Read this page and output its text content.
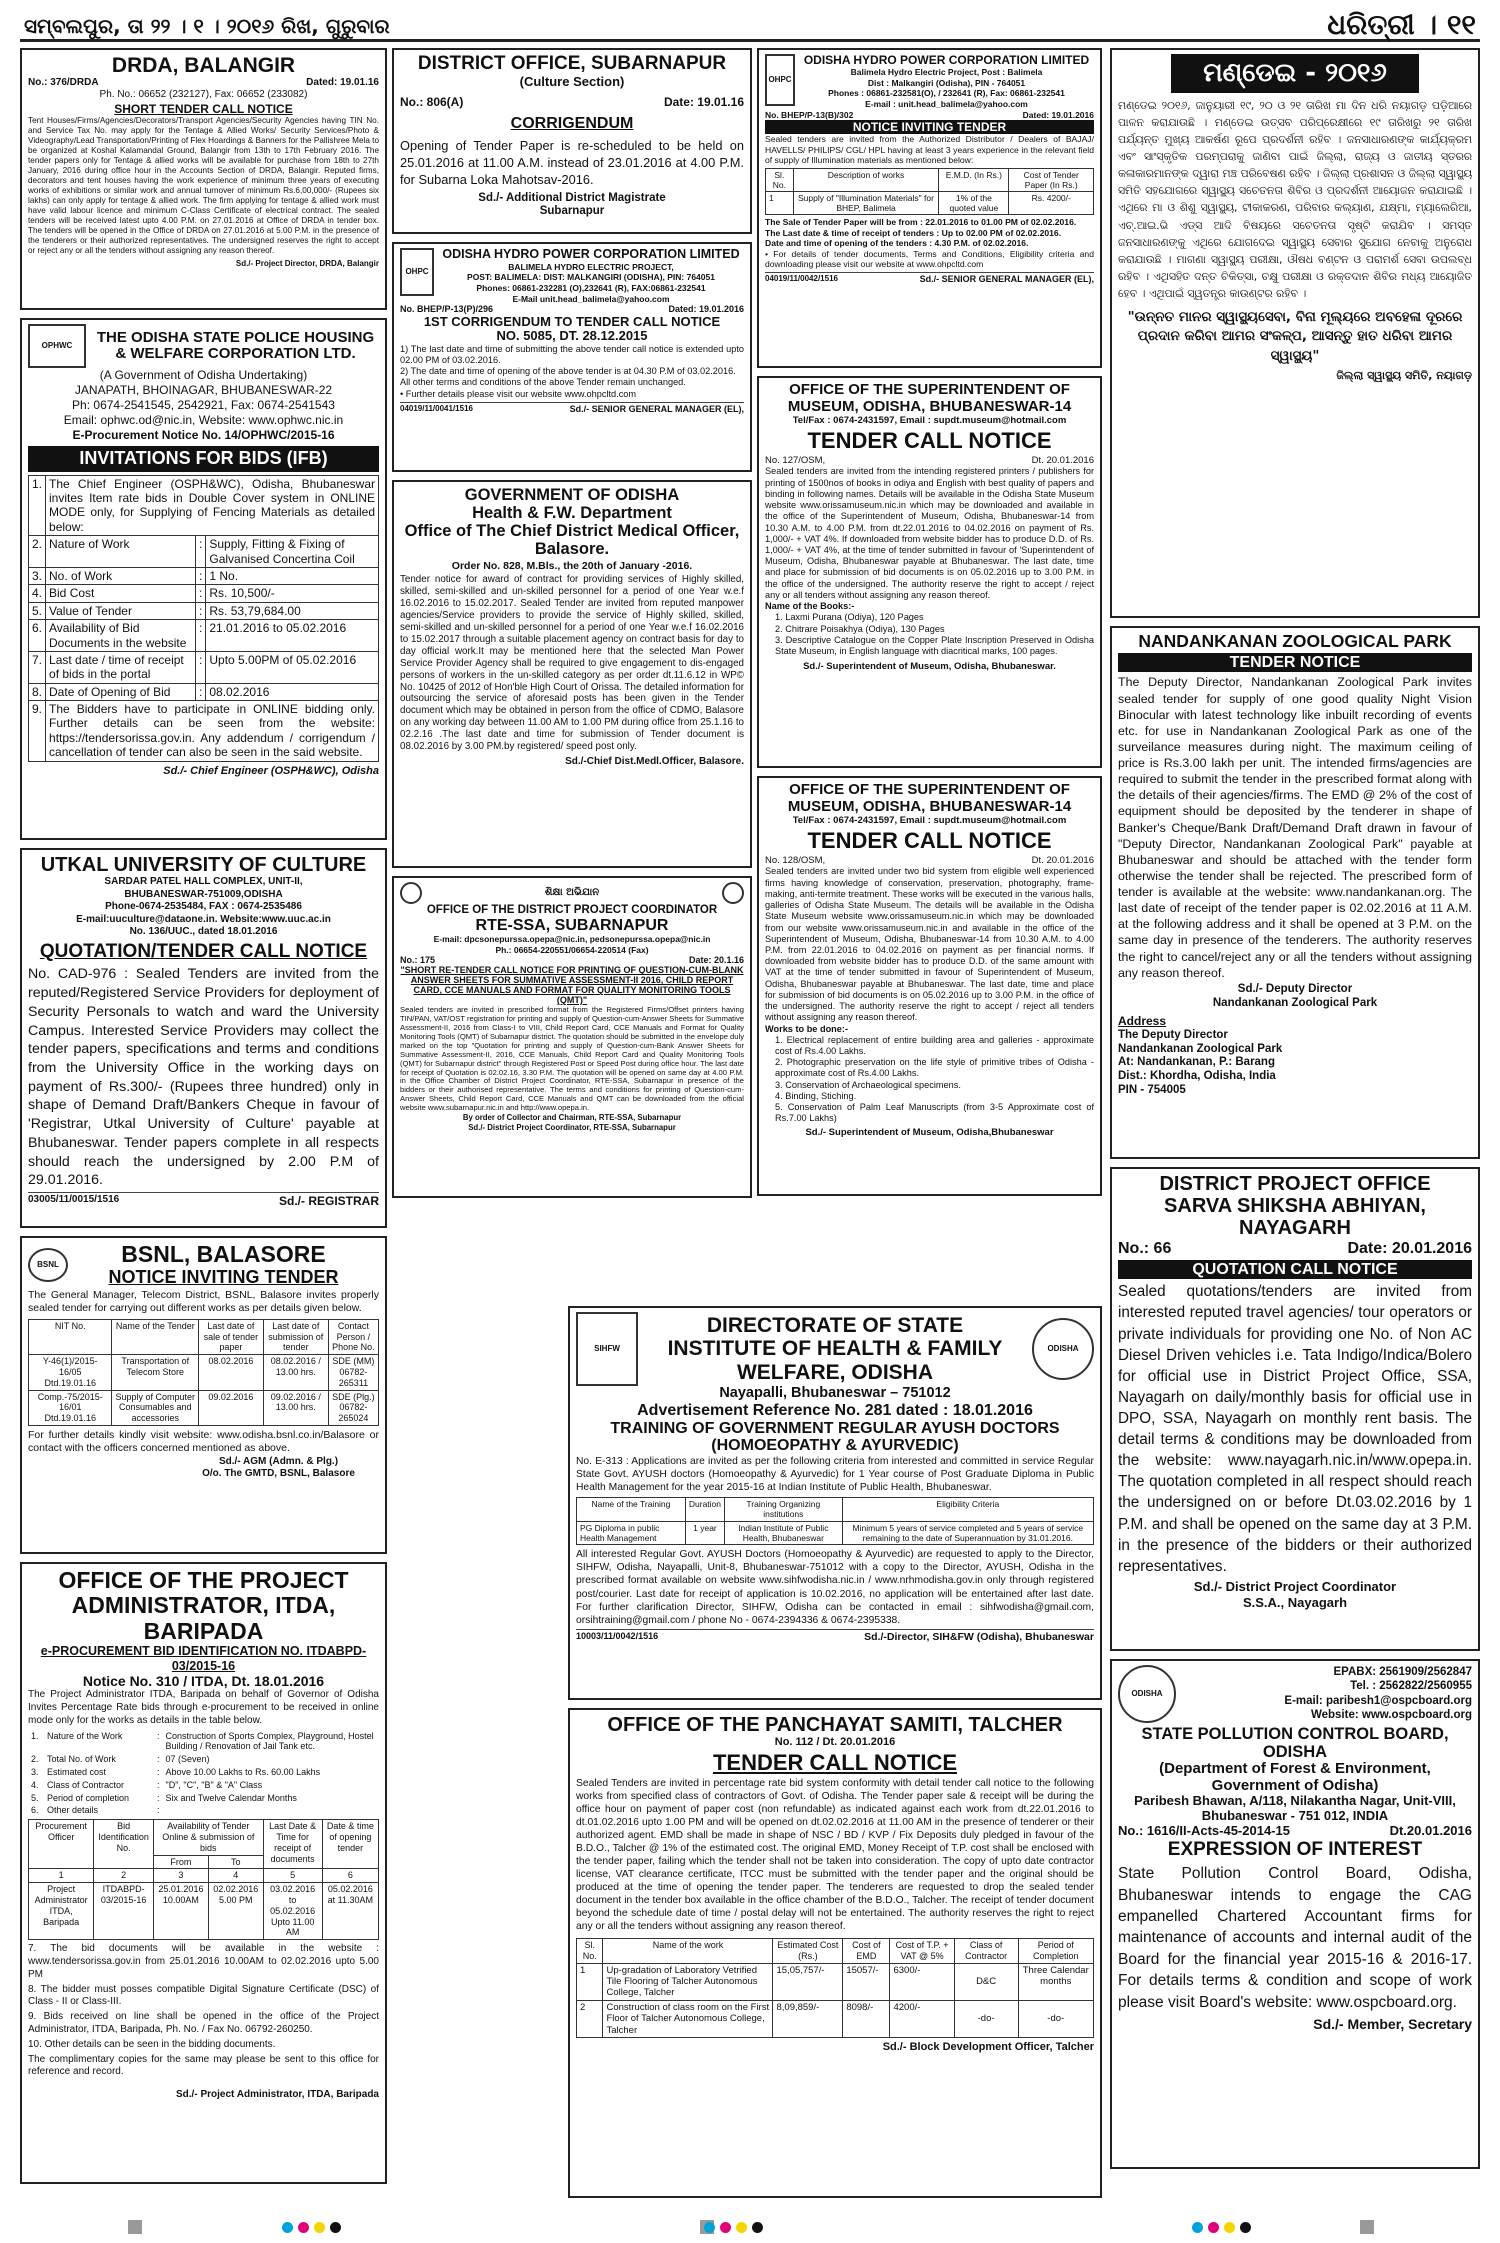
ସମ୍ବଲପୁର, ତା ୨୨ । ୧ । ୨୦୧୬ ରିଖ, ଗୁରୁବାର	ଧରିତ୍ରୀ । ୧୧
DRDA, BALANGIR
No.: 376/DRDA	Dated: 19.01.16
Ph. No.: 06652 (232127), Fax: 06652 (233082)
SHORT TENDER CALL NOTICE
Tent Houses/Firms/Agencies/Decorators/Transport Agencies/Security Agencies having TIN No. and Service Tax No. may apply for the Tentage & Allied Works/ Security Services/Photo & Videography/Lead Transportation/Printing of Flex Hoardings & Banners for the Pallishree Mela to be organized at Koshal Kalamandal Ground, Balangir from 13th to 17th February 2016. The tender papers only for Tentage & allied works will be available for purchase from 18th to 27th January, 2016 during office hour in the Accounts Section of DRDA, Balangir. Reputed firms, decorators and tent houses having the work experience of minimum three years of executing works of exhibitions or similar work and annual turnover of minimum Rs.6,00,000/- (Rupees six lakhs) can only apply for tentage & allied work. The firm applying for tentage & allied work must have valid labour licence and minimum C-Class Certificate of electrical contract. The sealed tenders will be received latest upto 4.00 P.M. on 27.01.2016 at Office of DRDA in tender box. The tenders will be opened in the Office of DRDA on 27.01.2016 at 5.00 P.M. in the presence of the tenderers or their authorized representatives. The undersigned reserves the right to accept or reject any or all the tenders without assigning any reason thereof.
Sd./- Project Director, DRDA, Balangir
OPHWC	THE ODISHA STATE POLICE HOUSING
& WELFARE CORPORATION LTD.
(A Government of Odisha Undertaking)
JANAPATH, BHOINAGAR, BHUBANESWAR-22
Ph: 0674-2541545, 2542921, Fax: 0674-2541543
Email: ophwc.od@nic.in, Website: www.ophwc.nic.in
E-Procurement Notice No. 14/OPHWC/2015-16
INVITATIONS FOR BIDS (IFB)
1.	The Chief Engineer (OSPH&WC), Odisha, Bhubaneswar invites Item rate bids in Double Cover system in ONLINE MODE only, for Supplying of Fencing Materials as detailed below:		
2.	Nature of Work	:	Supply, Fitting & Fixing of Galvanised Concertina Coil
3.	No. of Work	:	1 No.
4.	Bid Cost	:	Rs. 10,500/-
5.	Value of Tender	:	Rs. 53,79,684.00
6.	Availability of Bid Documents in the website	:	21.01.2016 to 05.02.2016
7.	Last date / time of receipt of bids in the portal	:	Upto 5.00PM of 05.02.2016
8.	Date of Opening of Bid	:	08.02.2016
9.	The Bidders have to participate in ONLINE bidding only. Further details can be seen from the website: https://tendersorissa.gov.in. Any addendum / corrigendum / cancellation of tender can also be seen in the said website.		
Sd./- Chief Engineer (OSPH&WC), Odisha
UTKAL UNIVERSITY OF CULTURE
SARDAR PATEL HALL COMPLEX, UNIT-II,
BHUBANESWAR-751009,ODISHA
Phone-0674-2535484, FAX : 0674-2535486
E-mail:uuculture@dataone.in. Website:www.uuc.ac.in
No. 136/UUC., dated 18.01.2016
QUOTATION/TENDER CALL NOTICE
No. CAD-976 : Sealed Tenders are invited from the reputed/Registered Service Providers for deployment of Security Personals to watch and ward the University Campus. Interested Service Providers may collect the tender papers, specifications and terms and conditions from the University Office in the working days on payment of Rs.300/- (Rupees three hundred) only in shape of Demand Draft/Bankers Cheque in favour of 'Registrar, Utkal University of Culture' payable at Bhubaneswar. Tender papers complete in all respects should reach the undersigned by 2.00 P.M of 29.01.2016.
03005/11/0015/1516	Sd./- REGISTRAR
BSNL	BSNL, BALASORE
NOTICE INVITING TENDER
The General Manager, Telecom District, BSNL, Balasore invites properly sealed tender for carrying out different works as per details given below.
NIT No.	Name of the Tender	Last date of sale of tender paper	Last date of submission of tender	Contact Person / Phone No.
Y-46(1)/2015-16/05 Dtd.19.01.16	Transportation of Telecom Store	08.02.2016	08.02.2016 / 13.00 hrs.	SDE (MM) 06782-265311
Comp.-75/2015-16/01 Dtd.19.01.16	Supply of Computer Consumables and accessories	09.02.2016	09.02.2016 / 13.00 hrs.	SDE (Plg.) 06782-265024
For further details kindly visit website: www.odisha.bsnl.co.in/Balasore or contact with the officers concerned mentioned as above.
Sd./- AGM (Admn. & Plg.)
O/o. The GMTD, BSNL, Balasore
OFFICE OF THE PROJECT
ADMINISTRATOR, ITDA, BARIPADA
e-PROCUREMENT BID IDENTIFICATION NO. ITDABPD-03/2015-16
Notice No. 310 / ITDA, Dt. 18.01.2016
The Project Administrator ITDA, Baripada on behalf of Governor of Odisha Invites Percentage Rate bids through e-procurement to be received in online mode only for the works as details in the table below.
1.	Nature of the Work	:	Construction of Sports Complex, Playground, Hostel Building / Renovation of Jail Tank etc.
2.	Total No. of Work	:	07 (Seven)
3.	Estimated cost	:	Above 10.00 Lakhs to Rs. 60.00 Lakhs
4.	Class of Contractor	:	"D", "C", "B" & "A" Class
5.	Period of completion	:	Six and Twelve Calendar Months
6.	Other details	:	
Procurement Officer	Bid Identification No.	Availability of Tender Online & submission of bids		Last Date & Time for receipt of documents	Date & time of opening tender
		From	To		
1	2	3	4	5	6
Project Administrator ITDA, Baripada	ITDABPD-03/2015-16	25.01.2016 10.00AM	02.02.2016 5.00 PM	03.02.2016 to 05.02.2016 Upto 11.00 AM	05.02.2016 at 11.30AM
7. The bid documents will be available in the website : www.tendersorissa.gov.in from 25.01.2016 10.00AM to 02.02.2016 upto 5.00 PM
8. The bidder must posses compatible Digital Signature Certificate (DSC) of Class - II or Class-III.
9. Bids received on line shall be opened in the office of the Project Administrator, ITDA, Baripada, Ph. No. / Fax No. 06792-260250.
10. Other details can be seen in the bidding documents.
The complimentary copies for the same may please be sent to this office for reference and record.
Sd./- Project Administrator, ITDA, Baripada
DISTRICT OFFICE, SUBARNAPUR
(Culture Section)
No.: 806(A)	Date: 19.01.16
CORRIGENDUM
Opening of Tender Paper is re-scheduled to be held on 25.01.2016 at 11.00 A.M. instead of 23.01.2016 at 4.00 P.M. for Subarna Loka Mahotsav-2016.
Sd./- Additional District Magistrate
Subarnapur
OHPC
ODISHA HYDRO POWER CORPORATION LIMITED
BALIMELA HYDRO ELECTRIC PROJECT,
POST: BALIMELA: DIST: MALKANGIRI (ODISHA), PIN: 764051
Phones: 06861-232281 (O),232641 (R), FAX:06861-232541
E-Mail unit.head_balimela@yahoo.com
No. BHEP/P-13(P)/296	Dated: 19.01.2016
1ST CORRIGENDUM TO TENDER CALL NOTICE
NO. 5085, DT. 28.12.2015
1) The last date and time of submitting the above tender call notice is extended upto 02.00 PM of 03.02.2016.
2) The date and time of opening of the above tender is at 04.30 P.M of 03.02.2016.
All other terms and conditions of the above Tender remain unchanged.
• Further details please visit our website www.ohpcltd.com
04019/11/0041/1516	Sd./- SENIOR GENERAL MANAGER (EL),
GOVERNMENT OF ODISHA
Health & F.W. Department
Office of The Chief District Medical Officer, Balasore.
Order No. 828, M.Bls., the 20th of January -2016.
Tender notice for award of contract for providing services of Highly skilled, skilled, semi-skilled and un-skilled personnel for a period of one Year w.e.f 16.02.2016 to 15.02.2017. Sealed Tender are invited from reputed manpower agencies/Service providers to provide the service of Highly skilled, skilled, semi-skilled and un-skilled personnel for a period of one Year w.e.f 16.02.2016 to 15.02.2017 through a suitable placement agency on contract basis for day to day official work.It may be mentioned here that the selected Man Power Service Provider Agency shall be required to give engagement to dis-engaged persons of workers in the un-skilled category as per order dt.11.6.12 in WP© No. 10425 of 2012 of Hon'ble High Court of Orissa. The detailed information for outsourcing the service of aforesaid posts has been given in the Tender document which may be obtained in person from the office of CDMO, Balasore on any working day between 11.00 AM to 1.00 PM during office from 25.1.16 to 02.2.16 .The last date and time for submission of Tender document is 08.02.2016 by 3.00 PM.by registered/ speed post only.
Sd./-Chief Dist.Medl.Officer, Balasore.
ଶିକ୍ଷା ଅଭିଯାନ
OFFICE OF THE DISTRICT PROJECT COORDINATOR
RTE-SSA, SUBARNAPUR
E-mail: dpcsonepurssa.opepa@nic.in, pedsonepurssa.opepa@nic.in
Ph.: 06654-220551/06654-220514 (Fax)
No.: 175	Date: 20.1.16
"SHORT RE-TENDER CALL NOTICE FOR PRINTING OF QUESTION-CUM-BLANK ANSWER SHEETS FOR SUMMATIVE ASSESSMENT-II 2016, CHILD REPORT CARD, CCE MANUALS AND FORMAT FOR QUALITY MONITORING TOOLS (QMT)"
Sealed tenders are invited in prescribed format from the Registered Firms/Offset printers having TIN/PAN, VAT/OST registration for printing and supply of Question-cum-Answer Sheets for Summative Assessment-II, 2016 from Class-I to VIII, Child Report Card, CCE Manuals and Format for Quality Monitoring Tools (QMT) of Subarnapur district. The quotation should be submitted in the envelope duly marked on the top "Quotation for printing and supply of Question-cum-Bank Answer Sheets for Summative Assessment-II, 2016, CCE Manuals, Child Report Card and Quality Monitoring Tools (QMT) for Subarnapur district" through Registered Post or Speed Post during office hour. The last date for receipt of Quotation is 02.02.16, 3.30 P.M. The quotation will be opened on same day at 4.00 P.M. in the Office Chamber of District Project Coordinator, RTE-SSA, Subarnapur in presence of the bidders or their authorised representative. The terms and conditions for printing of Question-cum-Answer Sheets, Child Report Card, CCE Manuals and QMT can be downloaded from the official website www.subarnapur.nic.in and http://www.opepa.in.
By order of Collector and Chairman, RTE-SSA, Subarnapur
Sd./- District Project Coordinator, RTE-SSA, Subarnapur
OHPC
ODISHA HYDRO POWER CORPORATION LIMITED
Balimela Hydro Electric Project, Post : Balimela
Dist : Malkangiri (Odisha), PIN - 764051
Phones : 06861-232581(O), / 232641 (R), Fax: 06861-232541
E-mail : unit.head_balimela@yahoo.com
No. BHEP/P-13(B)/302	Dated: 19.01.2016
NOTICE INVITING TENDER
Sealed tenders are invited from the Authorized Distributor / Dealers of BAJAJ/ HAVELLS/ PHILIPS/ CGL/ HPL having at least 3 years experience in the relevant field of supply of Illumination materials as mentioned below:
Sl. No.	Description of works	E.M.D. (In Rs.)	Cost of Tender Paper (In Rs.)
1	Supply of "Illumination Materials" for BHEP, Balimela	1% of the quoted value	Rs. 4200/-
The Sale of Tender Paper will be from : 22.01.2016 to 01.00 PM of 02.02.2016.
The Last date & time of receipt of tenders : Up to 02.00 PM of 02.02.2016.
Date and time of opening of the tenders : 4.30 P.M. of 02.02.2016.
• For details of tender documents, Terms and Conditions, Eligibility criteria and downloading please visit our website at www.ohpcltd.com
04019/11/0042/1516	Sd./- SENIOR GENERAL MANAGER (EL),
OFFICE OF THE SUPERINTENDENT OF
MUSEUM, ODISHA, BHUBANESWAR-14
Tel/Fax : 0674-2431597, Email : supdt.museum@hotmail.com
TENDER CALL NOTICE
No. 127/OSM,	Dt. 20.01.2016
Sealed tenders are invited from the intending registered printers / publishers for printing of 1500nos of books in odiya and English with best quality of papers and binding in following names. Details will be available in the Odisha State Museum website www.orissamuseum.nic.in which may be downloaded and available in the office of the Superintendent of Museum, Odisha, Bhubaneswar-14 from 10.30 A.M. to 4.00 P.M. from dt.22.01.2016 to 04.02.2016 on payment of Rs. 1,000/- + VAT 4%. If downloaded from website bidder has to produce D.D. of Rs. 1,000/- + VAT 4%, at the time of tender submitted in favour of 'Superintendent of Museum, Odisha, Bhubaneswar payable at Bhubaneswar. The last date, time and place for submission of bid documents is on 05.02.2016 up to 3.00 P.M. in the office of the undersigned. The authority reserve the right to accept / reject any or all tenders without assigning any reason thereof.
Name of the Books:-
1. Laxmi Purana (Odiya), 120 Pages
2. Chitrare Poisakhya (Odiya), 130 Pages
3. Descriptive Catalogue on the Copper Plate Inscription Preserved in Odisha State Museum, in English language with diacritical marks, 100 pages.
Sd./- Superintendent of Museum, Odisha, Bhubaneswar.
OFFICE OF THE SUPERINTENDENT OF
MUSEUM, ODISHA, BHUBANESWAR-14
Tel/Fax : 0674-2431597, Email : supdt.museum@hotmail.com
TENDER CALL NOTICE
No. 128/OSM,	Dt. 20.01.2016
Sealed tenders are invited under two bid system from eligible well experienced firms having knowledge of conservation, preservation, photography, frame-making, anti-termite treatment. These works will be executed in the various halls, galleries of Odisha State Museum. The details will be available in the Odisha State Museum website www.orissamuseum.nic.in which may be downloaded from our website www.orissamuseum.nic.in and available in the office of the Superintendent of Museum, Odisha, Bhubaneswar-14 from 10.30 A.M. to 4.00 P.M. from 22.01.2016 to 04.02.2016 on payment as per financial norms. If downloaded from website bidder has to produce D.D. of the same amount with VAT at the time of tender submitted in favour of Superintendent of Museum, Odisha, Bhubaneswar payable at Bhubaneswar. The last date, time and place for submission of bid documents is on 05.02.2016 up to 3.00 P.M. in the office of the undersigned. The authority reserve the right to accept / reject all tenders without assigning any reason thereof.
Works to be done:-
1. Electrical replacement of entire building area and galleries - approximate cost of Rs.4.00 Lakhs.
2. Photographic preservation on the life style of primitive tribes of Odisha - approximate cost of Rs.4.00 Lakhs.
3. Conservation of Archaeological specimens.
4. Binding, Stiching.
5. Conservation of Palm Leaf Manuscripts (from 3-5 Approximate cost of Rs.7.00 Lakhs)
Sd./- Superintendent of Museum, Odisha,Bhubaneswar
ମଣ୍ଡେଇ - ୨୦୧୬
ମଣ୍ଡେଇ ୨୦୧୬, ଜାନୁୟାରୀ ୧୯, ୨୦ ଓ ୨୧ ତାରିଖ ମା ଦିନ ଧରି ନୟାଗଡ଼ ପଡ଼ିଆରେ ପାଳନ କରାଯାଉଛି । ମଣ୍ଡେଇ ଉତ୍ସବ ପରିପ୍ରେକ୍ଷୀରେ ୧୯ ତାରିଖରୁ ୨୧ ତାରିଖ ପର୍ଯ୍ୟନ୍ତ ମୁଖ୍ୟ ଆକର୍ଷଣ ରୂପେ ପ୍ରଦର୍ଶନୀ ରହିବ । ଜନସାଧାରଣଙ୍କ କାର୍ଯ୍ୟକ୍ରମ ଏବଂ ସାଂସ୍କୃତିକ ପରମ୍ପରାକୁ ଜାଣିବା ପାଇଁ ଜିଲ୍ଲା, ରାଜ୍ୟ ଓ ଜାତୀୟ ସ୍ତରର କଳାକାରମାନଙ୍କ ଦ୍ୱାରା ମଞ୍ଚ ପରିବେଷଣ ରହିବ । ଜିଲ୍ଲା ପ୍ରଶାସନ ଓ ଜିଲ୍ଲା ସ୍ୱାସ୍ଥ୍ୟ ସମିତି ସହଯୋଗରେ ସ୍ୱାସ୍ଥ୍ୟ ସଚେତନତା ଶିବିର ଓ ପ୍ରଦର୍ଶନୀ ଆୟୋଜନ କରାଯାଇଛି । ଏଥିରେ ମା ଓ ଶିଶୁ ସ୍ୱାସ୍ଥ୍ୟ, ଟୀକାକରଣ, ପରିବାର କଲ୍ୟାଣ, ଯକ୍ଷ୍ମା, ମ୍ୟାଲେରିଆ, ଏଚ୍.ଆଇ.ଭି ଏଡ୍ସ ଆଦି ବିଷୟରେ ସଚେତନତା ସୃଷ୍ଟି କରାଯିବ । ସମସ୍ତ ଜନସାଧାରଣଙ୍କୁ ଏଥିରେ ଯୋଗଦେଇ ସ୍ୱାସ୍ଥ୍ୟ ସେବାର ସୁଯୋଗ ନେବାକୁ ଅନୁରୋଧ କରାଯାଉଛି । ମାଗଣା ସ୍ୱାସ୍ଥ୍ୟ ପରୀକ୍ଷା, ଔଷଧ ବଣ୍ଟନ ଓ ପରାମର୍ଶ ସେବା ଉପଲବ୍ଧ ରହିବ । ଏଥିସହିତ ଦନ୍ତ ଚିକିତ୍ସା, ଚକ୍ଷୁ ପରୀକ୍ଷା ଓ ରକ୍ତଦାନ ଶିବିର ମଧ୍ୟ ଆୟୋଜିତ ହେବ । ଏଥିପାଇଁ ସ୍ୱତନ୍ତ୍ର କାଉଣ୍ଟର ରହିବ ।
"ଉନ୍ନତ ମାନର ସ୍ୱାସ୍ଥ୍ୟସେବା, ବିନା ମୂଲ୍ୟରେ ଅବହେଳା ଦୂରରେ ପ୍ରଦାନ କରିବା ଆମର ସଂକଳ୍ପ, ଆସନ୍ତୁ ହାତ ଧରିବା ଆମର ସ୍ୱାସ୍ଥ୍ୟ"
ଜିଲ୍ଲା ସ୍ୱାସ୍ଥ୍ୟ ସମିତି, ନୟାଗଡ଼
NANDANKANAN ZOOLOGICAL PARK
TENDER NOTICE
The Deputy Director, Nandankanan Zoological Park invites sealed tender for supply of one good quality Night Vision Binocular with latest technology like inbuilt recording of events etc. for use in Nandankanan Zoological Park as one of the surveilance measures during night. The maximum ceiling of price is Rs.3.00 lakh per unit. The intended firms/agencies are required to submit the tender in the prescribed format along with the details of their agencies/firms. The EMD @ 2% of the cost of equipment should be deposited by the tenderer in shape of Banker's Cheque/Bank Draft/Demand Draft drawn in favour of "Deputy Director, Nandankanan Zoological Park" payable at Bhubaneswar and should be attached with the tender form otherwise the tender shall be rejected. The prescribed form of tender is available at the website: www.nandankanan.org. The last date of receipt of the tender paper is 02.02.2016 at 11 A.M. at the following address and it shall be opened at 3 P.M. on the same day in presence of the tenderers. The authority reserves the right to cancel/reject any or all the tenders without assigning any reason thereof.
Sd./- Deputy Director
Nandankanan Zoological Park
Address
The Deputy Director
Nandankanan Zoological Park
At: Nandankanan, P.: Barang
Dist.: Khordha, Odisha, India
PIN - 754005
DISTRICT PROJECT OFFICE
SARVA SHIKSHA ABHIYAN, NAYAGARH
No.: 66	Date: 20.01.2016
QUOTATION CALL NOTICE
Sealed quotations/tenders are invited from interested reputed travel agencies/ tour operators or private individuals for providing one No. of Non AC Diesel Driven vehicles i.e. Tata Indigo/Indica/Bolero for official use in District Project Office, SSA, Nayagarh on daily/monthly basis for official use in DPO, SSA, Nayagarh on monthly rent basis. The detail terms & conditions may be downloaded from the website: www.nayagarh.nic.in/www.opepa.in. The quotation completed in all respect should reach the undersigned on or before Dt.03.02.2016 by 1 P.M. and shall be opened on the same day at 3 P.M. in the presence of the bidders or their authorized representatives.
Sd./- District Project Coordinator
S.S.A., Nayagarh
ODISHA
EPABX: 2561909/2562847
Tel. : 2562822/2560955
E-mail: paribesh1@ospcboard.org
Website: www.ospcboard.org
STATE POLLUTION CONTROL BOARD, ODISHA
(Department of Forest & Environment, Government of Odisha)
Paribesh Bhawan, A/118, Nilakantha Nagar, Unit-VIII, Bhubaneswar - 751 012, INDIA
No.: 1616/II-Acts-45-2014-15	Dt.20.01.2016
EXPRESSION OF INTEREST
State Pollution Control Board, Odisha, Bhubaneswar intends to engage the CAG empanelled Chartered Accountant firms for maintenance of accounts and internal audit of the Board for the financial year 2015-16 & 2016-17. For details terms & condition and scope of work please visit Board's website: www.ospcboard.org.
Sd./- Member, Secretary
SIHFW
DIRECTORATE OF STATE
INSTITUTE OF HEALTH & FAMILY
WELFARE, ODISHA
ODISHA
Nayapalli, Bhubaneswar – 751012
Advertisement Reference No. 281 dated : 18.01.2016
TRAINING OF GOVERNMENT REGULAR AYUSH DOCTORS (HOMOEOPATHY & AYURVEDIC)
No. E-313 : Applications are invited as per the following criteria from interested and committed in service Regular State Govt. AYUSH doctors (Homoeopathy & Ayurvedic) for 1 Year course of Post Graduate Diploma in Public Health Management for the year 2015-16 at Indian Institute of Public Health, Bhubaneswar.
Name of the Training	Duration	Training Organizing institutions	Eligibility Criteria
PG Diploma in public Health Management	1 year	Indian Institute of Public Health, Bhubaneswar	Minimum 5 years of service completed and 5 years of service remaining to the date of Superannuation by 31.01.2016.
All interested Regular Govt. AYUSH Doctors (Homoeopathy & Ayurvedic) are requested to apply to the Director, SIHFW, Odisha, Nayapalli, Unit-8, Bhubaneswar-751012 with a copy to the Director, AYUSH, Odisha in the prescribed format available on website www.sihfwodisha.nic.in / www.nrhmodisha.gov.in only through registered post/courier. Last date for receipt of application is 10.02.2016, no application will be entertained after last date. For further clarification Director, SIHFW, Odisha can be contacted in email : sihfwodisha@gmail.com, orsihtraining@gmail.com / phone No - 0674-2394336 & 0674-2395338.
10003/11/0042/1516	Sd./-Director, SIH&FW (Odisha), Bhubaneswar
OFFICE OF THE PANCHAYAT SAMITI, TALCHER
No. 112 / Dt. 20.01.2016
TENDER CALL NOTICE
Sealed Tenders are invited in percentage rate bid system conformity with detail tender call notice to the following works from specified class of contractors of Govt. of Odisha. The Tender paper sale & receipt will be during the office hour on payment of paper cost (non refundable) as indicated against each work from dt.22.01.2016 to dt.01.02.2016 upto 1.00 PM and will be opened on dt.02.02.2016 at 11.00 AM in the presence of tenderer or their authorized agent. EMD shall be made in shape of NSC / BD / KVP / Fix Deposits duly pledged in favour of the B.D.O., Talcher @ 1% of the estimated cost. The original EMD, Money Receipt of T.P. cost shall be enclosed with the tender paper, failing which the tender shall not be taken into consideration. The copy of upto date contractor license, VAT clearance certificate, ITCC must be submitted with the tender paper and the original should be produced at the time of opening the tender paper. The tenderers are requested to drop the sealed tender document in the tender box available in the office chamber of the B.D.O., Talcher. The receipt of tender document beyond the schedule date of time / postal delay will not be entertained. The authority reserves the right to reject any or all the tenders without assigning any reason thereof.
Sl. No.	Name of the work	Estimated Cost (Rs.)	Cost of EMD	Cost of T.P. + VAT @ 5%	Class of Contractor	Period of Completion
1	Up-gradation of Laboratory Vetrified Tile Flooring of Talcher Autonomous College, Talcher	15,05,757/-	15057/-	6300/-	D&C	Three Calendar months
2	Construction of class room on the First Floor of Talcher Autonomous College, Talcher	8,09,859/-	8098/-	4200/-	-do-	-do-
Sd./- Block Development Officer, Talcher
